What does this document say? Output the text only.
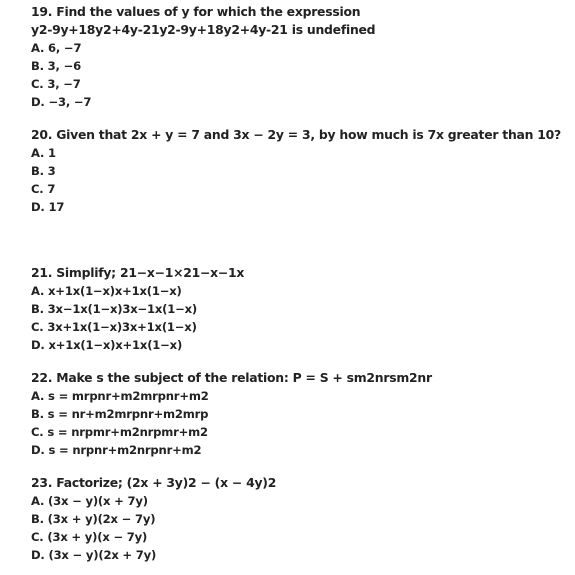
19. Find the values of y for which the expression
y2-9y+18y2+4y-21y2-9y+18y2+4y-21 is undefined
A. 6, −7
B. 3, −6
C. 3, −7
D. −3, −7
20. Given that 2x + y = 7 and 3x − 2y = 3, by how much is 7x greater than 10?
A. 1
B. 3
C. 7
D. 17
21. Simplify; 21−x−1×21−x−1x
A. x+1x(1−x)x+1x(1−x)
B. 3x−1x(1−x)3x−1x(1−x)
C. 3x+1x(1−x)3x+1x(1−x)
D. x+1x(1−x)x+1x(1−x)
22. Make s the subject of the relation: P = S + sm2nrsm2nr
A. s = mrpnr+m2mrpnr+m2
B. s = nr+m2mrpnr+m2mrp
C. s = nrpmr+m2nrpmr+m2
D. s = nrpnr+m2nrpnr+m2
23. Factorize; (2x + 3y)2 − (x − 4y)2
A. (3x − y)(x + 7y)
B. (3x + y)(2x − 7y)
C. (3x + y)(x − 7y)
D. (3x − y)(2x + 7y)
